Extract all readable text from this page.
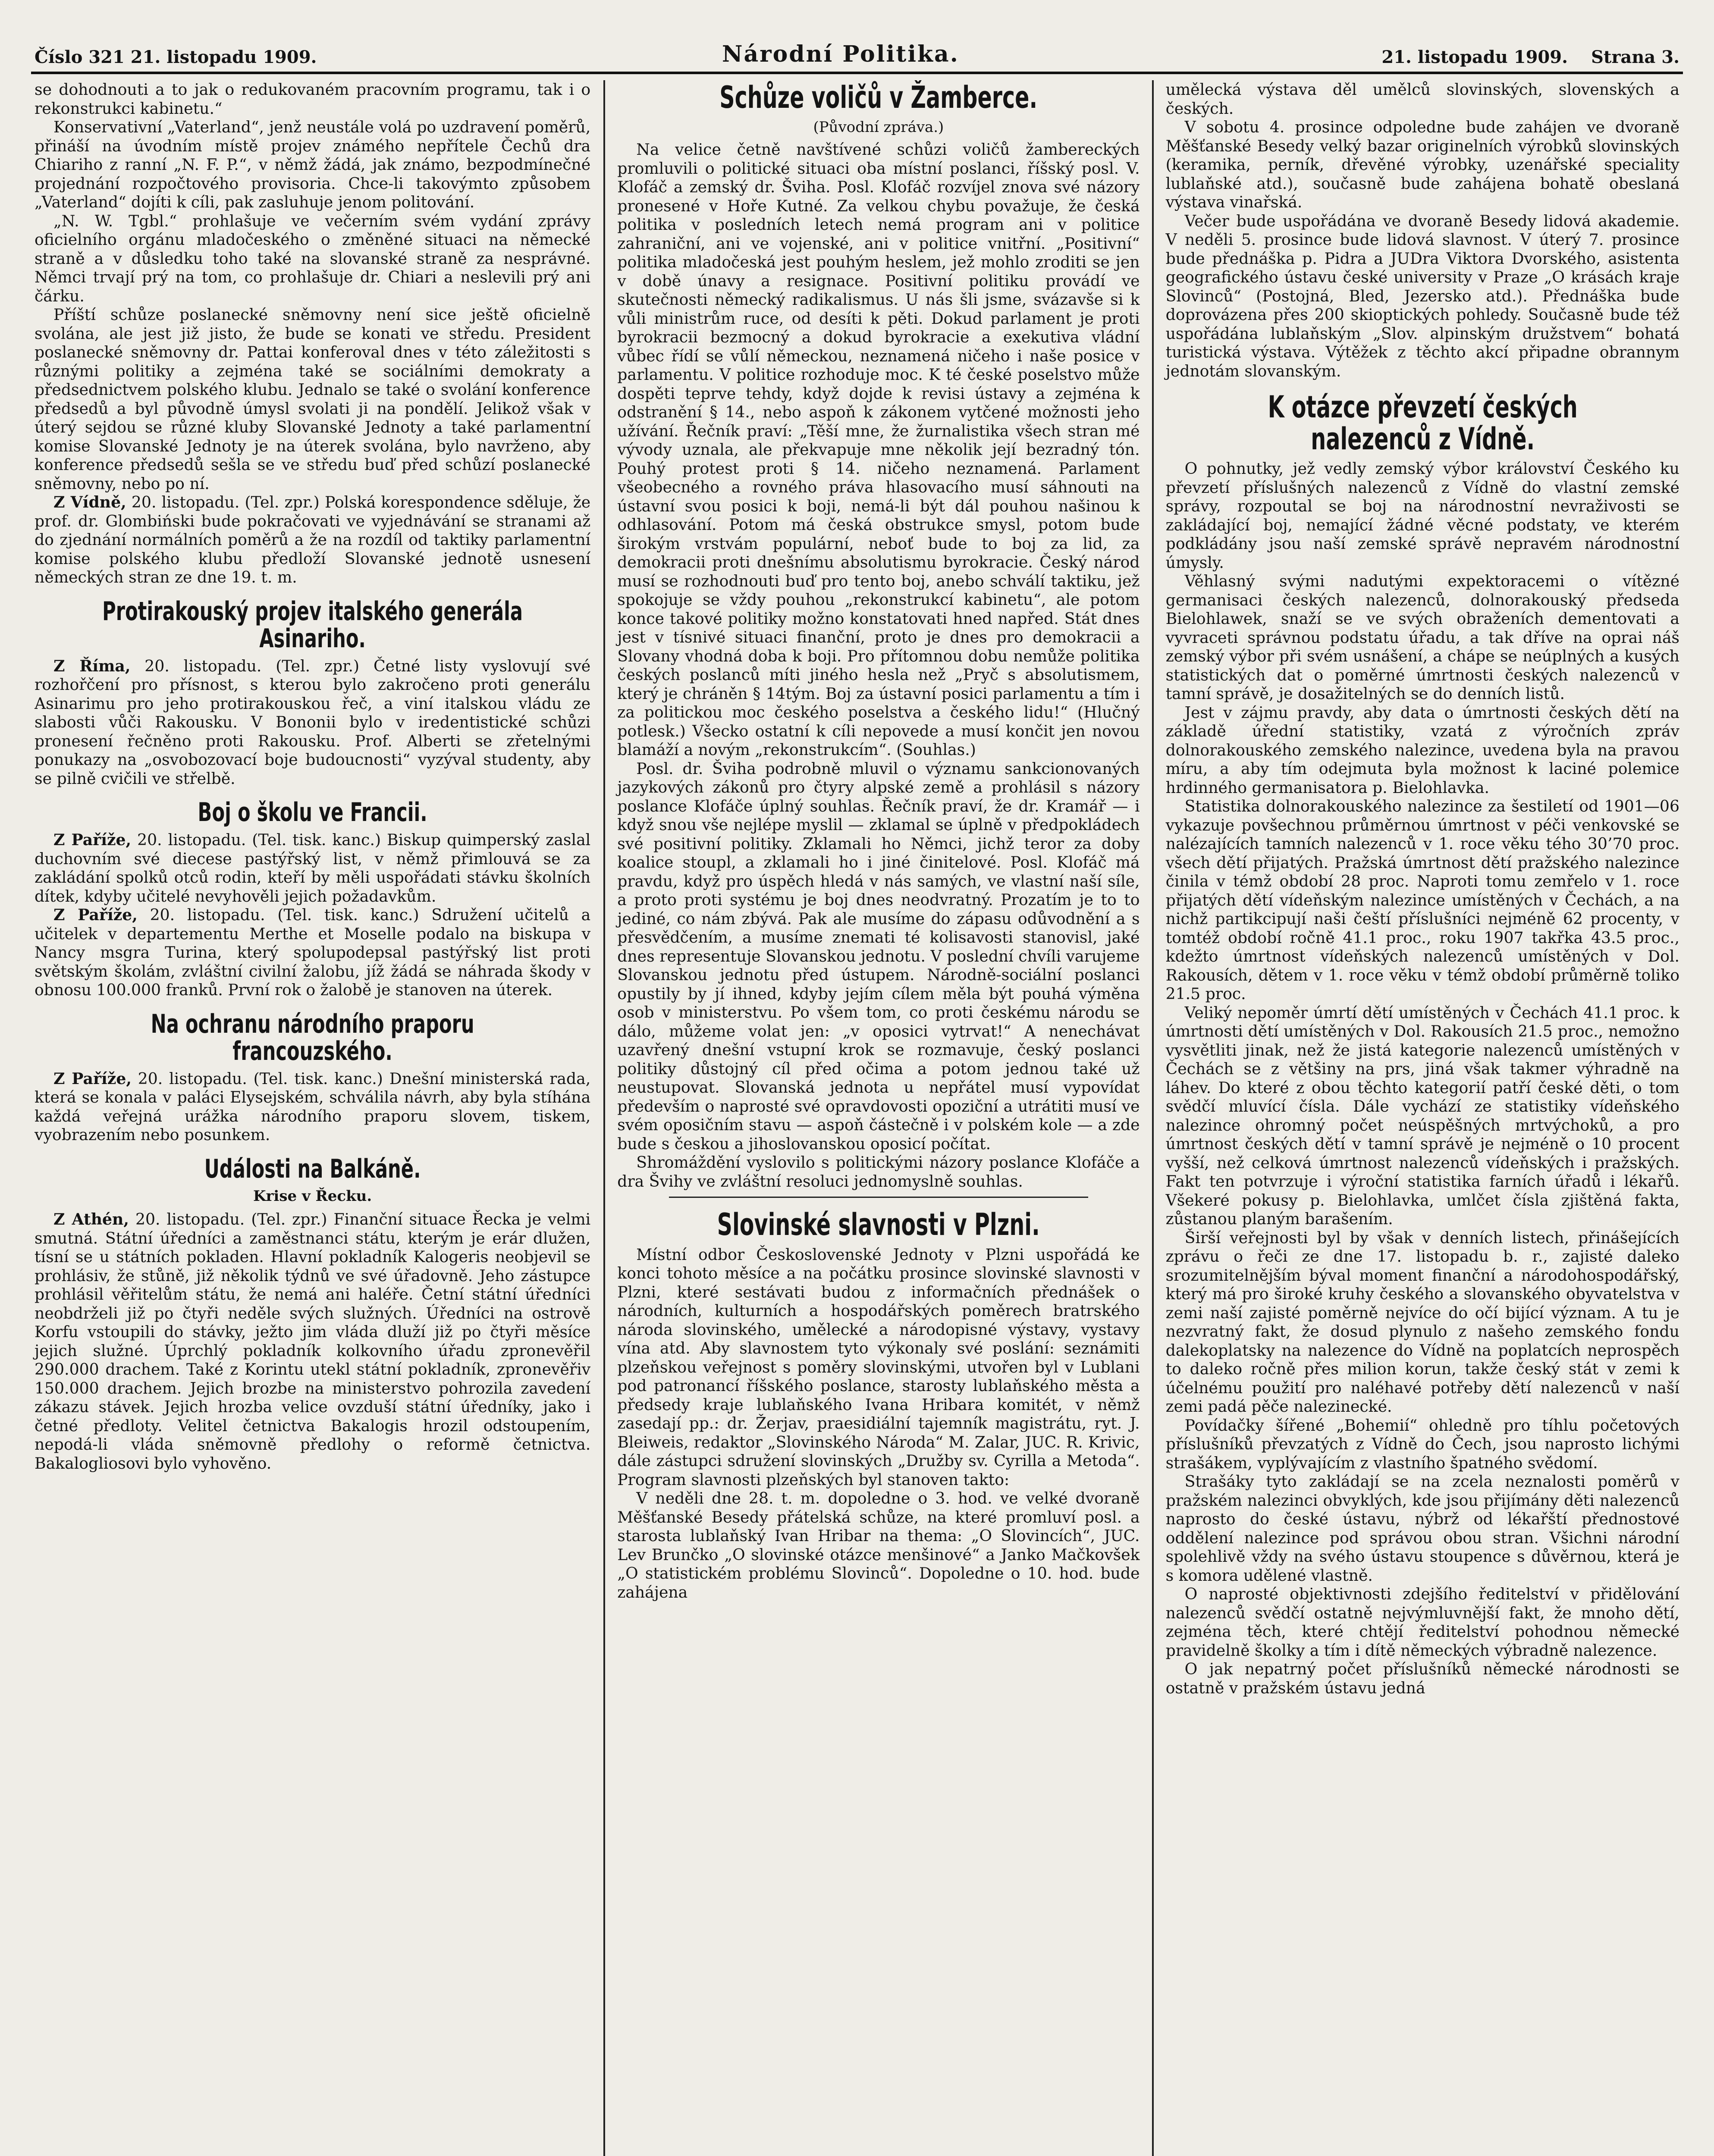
Číslo 321 21. listopadu 1909.	Národní Politika.	21. listopadu 1909. Strana 3.

se dohodnouti a to jak o redukovaném pracovním programu, tak i o rekonstrukci kabinetu.“

Konservativní „Vaterland“, jenž neustále volá po uzdravení poměrů, přináší na úvodním místě projev známého nepřítele Čechů dra Chiariho z ranní „N. F. P.“, v němž žádá, jak známo, bezpodmínečné projednání rozpočtového provisoria. Chce-li takovýmto způsobem „Vaterland“ dojíti k cíli, pak zasluhuje jenom politování.

„N. W. Tgbl.“ prohlašuje ve večerním svém vydání zprávy oficielního orgánu mladočeského o změněné situaci na německé straně a v důsledku toho také na slovanské straně za nesprávné. Němci trvají prý na tom, co prohlašuje dr. Chiari a neslevili prý ani čárku.

Příští schůze poslanecké sněmovny není sice ještě oficielně svolána, ale jest již jisto, že bude se konati ve středu. President poslanecké sněmovny dr. Pattai konferoval dnes v této záležitosti s různými politiky a zejména také se sociálními demokraty a předsednictvem polského klubu. Jednalo se také o svolání konference předsedů a byl původně úmysl svolati ji na pondělí. Jelikož však v úterý sejdou se různé kluby Slovanské Jednoty a také parlamentní komise Slovanské Jednoty je na úterek svolána, bylo navrženo, aby konference předsedů sešla se ve středu buď před schůzí poslanecké sněmovny, nebo po ní.

Z Vídně, 20. listopadu. (Tel. zpr.) Polská korespondence sděluje, že prof. dr. Glombiński bude pokračovati ve vyjednávání se stranami až do zjednání normálních poměrů a že na rozdíl od taktiky parlamentní komise polského klubu předloží Slovanské jednotě usnesení německých stran ze dne 19. t. m.

Protirakouský projev italského generála Asinariho.

Z Říma, 20. listopadu. (Tel. zpr.) Četné listy vyslovují své rozhořčení pro přísnost, s kterou bylo zakročeno proti generálu Asinarimu pro jeho protirakouskou řeč, a viní italskou vládu ze slabosti vůči Rakousku. V Bononii bylo v iredentistické schůzi pronesení řečněno proti Rakousku. Prof. Alberti se zřetelnými ponukazy na „osvobozovací boje budoucnosti“ vyzýval studenty, aby se pilně cvičili ve střelbě.

Boj o školu ve Francii.

Z Paříže, 20. listopadu. (Tel. tisk. kanc.) Biskup quimperský zaslal duchovním své diecese pastýřský list, v němž přimlouvá se za zakládání spolků otců rodin, kteří by měli uspořádati stávku školních dítek, kdyby učitelé nevyhověli jejich požadavkům.

Z Paříže, 20. listopadu. (Tel. tisk. kanc.) Sdružení učitelů a učitelek v departementu Merthe et Moselle podalo na biskupa v Nancy msgra Turina, který spolupodepsal pastýřský list proti světským školám, zvláštní civilní žalobu, jíž žádá se náhrada škody v obnosu 100.000 franků. První rok o žalobě je stanoven na úterek.

Na ochranu národního praporu francouzského.

Z Paříže, 20. listopadu. (Tel. tisk. kanc.) Dnešní ministerská rada, která se konala v paláci Elysejském, schválila návrh, aby byla stíhána každá veřejná urážka národního praporu slovem, tiskem, vyobrazením nebo posunkem.

Události na Balkáně.
Krise v Řecku.

Z Athén, 20. listopadu. (Tel. zpr.) Finanční situace Řecka je velmi smutná. Státní úředníci a zaměstnanci státu, kterým je erár dlužen, tísní se u státních pokladen. Hlavní pokladník Kalogeris neobjevil se prohlásiv, že stůně, již několik týdnů ve své úřadovně. Jeho zástupce prohlásil věřitelům státu, že nemá ani haléře. Četní státní úředníci neobdrželi již po čtyři neděle svých služných. Úředníci na ostrově Korfu vstoupili do stávky, ježto jim vláda dluží již po čtyři měsíce jejich služné. Úprchlý pokladník kolkovního úřadu zpronevěřil 290.000 drachem. Také z Korintu utekl státní pokladník, zpronevěřiv 150.000 drachem. Jejich brozbe na ministerstvo pohrozila zavedení zákazu stávek. Jejich hrozba velice ovzduší státní úředníky, jako i četné předloty. Velitel četnictva Bakalogis hrozil odstoupením, nepodá-li vláda sněmovně předlohy o reformě četnictva. Bakalogliosovi bylo vyhověno.

Schůze voličů v Žamberce.
(Původní zpráva.)

Na velice četně navštívené schůzi voličů žambereckých promluvili o politické situaci oba místní poslanci, říšský posl. V. Klofáč a zemský dr. Šviha. Posl. Klofáč rozvíjel znova své názory pronesené v Hoře Kutné. Za velkou chybu považuje, že česká politika v posledních letech nemá program ani v politice zahraniční, ani ve vojenské, ani v politice vnitřní. „Positivní“ politika mladočeská jest pouhým heslem, jež mohlo zroditi se jen v době únavy a resignace. Positivní politiku provádí ve skutečnosti německý radikalismus. U nás šli jsme, svázavše si k vůli ministrům ruce, od desíti k pěti. Dokud parlament je proti byrokracii bezmocný a dokud byrokracie a exekutiva vládní vůbec řídí se vůlí německou, neznamená ničeho i naše posice v parlamentu. V politice rozhoduje moc. K té české poselstvo může dospěti teprve tehdy, když dojde k revisi ústavy a zejména k odstranění § 14., nebo aspoň k zákonem vytčené možnosti jeho užívání. Řečník praví: „Těší mne, že žurnalistika všech stran mé vývody uznala, ale překvapuje mne několik její bezradný tón. Pouhý protest proti § 14. ničeho neznamená. Parlament všeobecného a rovného práva hlasovacího musí sáhnouti na ústavní svou posici k boji, nemá-li být dál pouhou našinou k odhlasování. Potom má česká obstrukce smysl, potom bude širokým vrstvám populární, neboť bude to boj za lid, za demokracii proti dnešnímu absolutismu byrokracie. Český národ musí se rozhodnouti buď pro tento boj, anebo schválí taktiku, jež spokojuje se vždy pouhou „rekonstrukcí kabinetu“, ale potom konce takové politiky možno konstatovati hned napřed. Stát dnes jest v tísnivé situaci finanční, proto je dnes pro demokracii a Slovany vhodná doba k boji. Pro přítomnou dobu nemůže politika českých poslanců míti jiného hesla než „Pryč s absolutismem, který je chráněn § 14tým. Boj za ústavní posici parlamentu a tím i za politickou moc českého poselstva a českého lidu!“ (Hlučný potlesk.) Všecko ostatní k cíli nepovede a musí končit jen novou blamáží a novým „rekonstrukcím“. (Souhlas.)

Posl. dr. Šviha podrobně mluvil o významu sankcionovaných jazykových zákonů pro čtyry alpské země a prohlásil s názory poslance Klofáče úplný souhlas. Řečník praví, že dr. Kramář — i když snou vše nejlépe myslil — zklamal se úplně v předpokládech své positivní politiky. Zklamali ho Němci, jichž teror za doby koalice stoupl, a zklamali ho i jiné činitelové. Posl. Klofáč má pravdu, když pro úspěch hledá v nás samých, ve vlastní naší síle, a proto proti systému je boj dnes neodvratný. Prozatím je to to jediné, co nám zbývá. Pak ale musíme do zápasu odůvodnění a s přesvědčením, a musíme znemati té kolisavosti stanovisl, jaké dnes representuje Slovanskou jednotu. V poslední chvíli varujeme Slovanskou jednotu před ústupem. Národně-sociální poslanci opustily by jí ihned, kdyby jejím cílem měla být pouhá výměna osob v ministerstvu. Po všem tom, co proti českému národu se dálo, můžeme volat jen: „v oposici vytrvat!“ A nenechávat uzavřený dnešní vstupní krok se rozmavuje, český poslanci politiky důstojný cíl před očima a potom jednou také už neustupovat. Slovanská jednota u nepřátel musí vypovídat především o naprosté své opravdovosti opoziční a utrátiti musí ve svém oposičním stavu — aspoň částečně i v polském kole — a zde bude s českou a jihoslovanskou oposicí počítat.

Shromáždění vyslovilo s politickými názory poslance Klofáče a dra Švihy ve zvláštní resoluci jednomyslně souhlas.

Slovinské slavnosti v Plzni.

Místní odbor Československé Jednoty v Plzni uspořádá ke konci tohoto měsíce a na počátku prosince slovinské slavnosti v Plzni, které sestávati budou z informačních přednášek o národních, kulturních a hospodářských poměrech bratrského národa slovinského, umělecké a národopisné výstavy, vystavy vína atd. Aby slavnostem tyto výkonaly své poslání: seznámiti plzeňskou veřejnost s poměry slovinskými, utvořen byl v Lublani pod patronancí říšského poslance, starosty lublaňského města a předsedy kraje lublaňského Ivana Hribara komitét, v němž zasedají pp.: dr. Žerjav, praesidiální tajemník magistrátu, ryt. J. Bleiweis, redaktor „Slovinského Národa“ M. Zalar, JUC. R. Krivic, dále zástupci sdružení slovinských „Družby sv. Cyrilla a Metoda“. Program slavnosti plzeňských byl stanoven takto:

V neděli dne 28. t. m. dopoledne o 3. hod. ve velké dvoraně Měšťanské Besedy přátelská schůze, na které promluví posl. a starosta lublaňský Ivan Hribar na thema: „O Slovincích“, JUC. Lev Brunčko „O slovinské otázce menšinové“ a Janko Mačkovšek „O statistickém problému Slovinců“. Dopoledne o 10. hod. bude zahájena

umělecká výstava děl umělců slovinských, slovenských a českých.

V sobotu 4. prosince odpoledne bude zahájen ve dvoraně Měšťanské Besedy velký bazar originelních výrobků slovinských (keramika, perník, dřevěné výrobky, uzenářské speciality lublaňské atd.), současně bude zahájena bohatě obeslaná výstava vinařská.

Večer bude uspořádána ve dvoraně Besedy lidová akademie. V neděli 5. prosince bude lidová slavnost. V úterý 7. prosince bude přednáška p. Pidra a JUDra Viktora Dvorského, asistenta geografického ústavu české university v Praze „O krásách kraje Slovinců“ (Postojná, Bled, Jezersko atd.). Přednáška bude doprovázena přes 200 skioptických pohledy. Současně bude též uspořádána lublaňským „Slov. alpinským družstvem“ bohatá turistická výstava. Výtěžek z těchto akcí připadne obrannym jednotám slovanským.

K otázce převzetí českých nalezenců z Vídně.

O pohnutky, jež vedly zemský výbor království Českého ku převzetí příslušných nalezenců z Vídně do vlastní zemské správy, rozpoutal se boj na národnostní nevraživosti se zakládající boj, nemající žádné věcné podstaty, ve kterém podkládány jsou naší zemské správě nepravém národnostní úmysly.

Věhlasný svými nadutými expektoracemi o vítězné germanisaci českých nalezenců, dolnorakouský předseda Bielohlawek, snaží se ve svých obraženích dementovati a vyvraceti správnou podstatu úřadu, a tak dříve na oprai náš zemský výbor při svém usnášení, a chápe se neúplných a kusých statistických dat o poměrné úmrtnosti českých nalezenců v tamní správě, je dosažitelných se do denních listů.

Jest v zájmu pravdy, aby data o úmrtnosti českých dětí na základě úřední statistiky, vzatá z výročních zpráv dolnorakouského zemského nalezince, uvedena byla na pravou míru, a aby tím odejmuta byla možnost k laciné polemice hrdinného germanisatora p. Bielohlavka.

Statistika dolnorakouského nalezince za šestiletí od 1901—06 vykazuje povšechnou průměrnou úmrtnost v péči venkovské se nalézajících tamních nalezenců v 1. roce věku tého 30’70 proc. všech dětí přijatých. Pražská úmrtnost dětí pražského nalezince činila v témž období 28 proc. Naproti tomu zemřelo v 1. roce přijatých dětí vídeňským nalezince umístěných v Čechách, a na nichž partikcipují naši čeští příslušníci nejméně 62 procenty, v tomtéž období ročně 41.1 proc., roku 1907 takřka 43.5 proc., kdežto úmrtnost vídeňských nalezenců umístěných v Dol. Rakousích, dětem v 1. roce věku v témž období průměrně toliko 21.5 proc.

Veliký nepoměr úmrtí dětí umístěných v Čechách 41.1 proc. k úmrtnosti dětí umístěných v Dol. Rakousích 21.5 proc., nemožno vysvětliti jinak, než že jistá kategorie nalezenců umístěných v Čechách se z většiny na prs, jiná však takmer výhradně na láhev. Do které z obou těchto kategorií patří české děti, o tom svědčí mluvící čísla. Dále vychází ze statistiky vídeňského nalezince ohromný počet neúspěšných mrtvýchoků, a pro úmrtnost českých dětí v tamní správě je nejméně o 10 procent vyšší, než celková úmrtnost nalezenců vídeňských i pražských. Fakt ten potvrzuje i výroční statistika farních úřadů i lékařů. Všekeré pokusy p. Bielohlavka, umlčet čísla zjištěná fakta, zůstanou planým barašením.

Širší veřejnosti byl by však v denních listech, přinášejících zprávu o řeči ze dne 17. listopadu b. r., zajisté daleko srozumitelnějším býval moment finanční a národohospodářský, který má pro široké kruhy českého a slovanského obyvatelstva v zemi naší zajisté poměrně nejvíce do očí bijící význam. A tu je nezvratný fakt, že dosud plynulo z našeho zemského fondu dalekoplatsky na nalezence do Vídně na poplatcích neprospěch to daleko ročně přes milion korun, takže český stát v zemi k účelnému použití pro naléhavé potřeby dětí nalezenců v naší zemi padá pěče nalezinecké.

Povídačky šířené „Bohemií“ ohledně pro tíhlu početových příslušníků převzatých z Vídně do Čech, jsou naprosto lichými strašákem, vyplývajícím z vlastního špatného svědomí.

Strašáky tyto zakládají se na zcela neznalosti poměrů v pražském nalezinci obvyklých, kde jsou přijímány děti nalezenců naprosto do české ústavu, nýbrž od lékařští přednostové oddělení nalezince pod správou obou stran. Všichni národní spolehlivě vždy na svého ústavu stoupence s důvěrnou, která je s komora udělené vlastně.

O naprosté objektivnosti zdejšího ředitelství v přidělování nalezenců svědčí ostatně nejvýmluvnější fakt, že mnoho dětí, zejména těch, které chtějí ředitelství pohodnou německé pravidelně školky a tím i dítě německých výbradně nalezence.

O jak nepatrný počet příslušníků německé národnosti se ostatně v pražském ústavu jedná
